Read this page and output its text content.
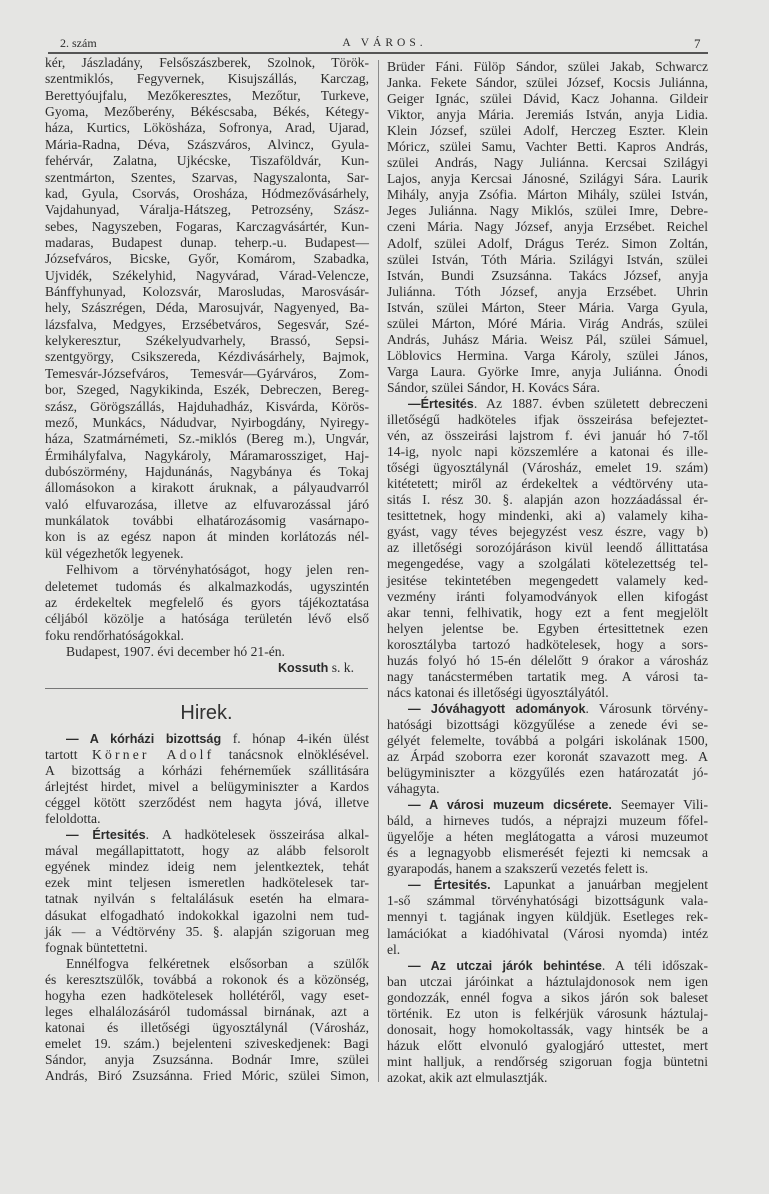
2. szám	A VÁROS.	7
kér, Jászladány, Felsőszászberek, Szolnok, Török-
szentmiklós, Fegyvernek, Kisujszállás, Karczag,
Berettyóujfalu, Mezőkeresztes, Mezőtur, Turkeve,
Gyoma, Mezőberény, Békéscsaba, Békés, Kétegy-
háza, Kurtics, Lökösháza, Sofronya, Arad, Ujarad,
Mária-Radna, Déva, Szászváros, Alvincz, Gyula-
fehérvár, Zalatna, Ujkécske, Tiszaföldvár, Kun-
szentmárton, Szentes, Szarvas, Nagyszalonta, Sar-
kad, Gyula, Csorvás, Orosháza, Hódmezővásárhely,
Vajdahunyad, Váralja-Hátszeg, Petrozsény, Szász-
sebes, Nagyszeben, Fogaras, Karczagvásártér, Kun-
madaras, Budapest dunap. teherp.-u. Budapest—
Józsefváros, Bicske, Győr, Komárom, Szabadka,
Ujvidék, Székelyhid, Nagyvárad, Várad-Velencze,
Bánffyhunyad, Kolozsvár, Marosludas, Marosvásár-
hely, Szászrégen, Déda, Marosujvár, Nagyenyed, Ba-
lázsfalva, Medgyes, Erzsébetváros, Segesvár, Szé-
kelykeresztur, Székelyudvarhely, Brassó, Sepsi-
szentgyörgy, Csikszereda, Kézdivásárhely, Bajmok,
Temesvár-Józsefváros, Temesvár—Gyárváros, Zom-
bor, Szeged, Nagykikinda, Eszék, Debreczen, Bereg-
szász, Görögszállás, Hajduhadház, Kisvárda, Körös-
mező, Munkács, Nádudvar, Nyirbogdány, Nyiregy-
háza, Szatmárnémeti, Sz.-miklós (Bereg m.), Ungvár,
Érmihályfalva, Nagykároly, Máramarossziget, Haj-
dubószörmény, Hajdunánás, Nagybánya és Tokaj
állomásokon a kirakott áruknak, a pályaudvarról
való elfuvarozása, illetve az elfuvarozással járó
munkálatok további elhatározásomig vasárnapo-
kon is az egész napon át minden korlátozás nél-
kül végezhetők legyenek.
Felhivom a törvényhatóságot, hogy jelen ren-
deletemet tudomás és alkalmazkodás, ugyszintén
az érdekeltek megfelelő és gyors tájékoztatása
céljából közölje a hatósága területén lévő első
foku rendőrhatóságokkal.
Budapest, 1907. évi december hó 21-én.
Kossuth s. k.
Hirek.
— A kórházi bizottság f. hónap 4-ikén ülést
tartott Körner Adolf tanácsnok elnöklésével.
A bizottság a kórházi fehérneműek szállitására
árlejtést hirdet, mivel a belügyminiszter a Kardos
céggel kötött szerződést nem hagyta jóvá, illetve
feloldotta.
— Értesités. A hadkötelesek összeirása alkal-
mával megállapittatott, hogy az alább felsorolt
egyének mindez ideig nem jelentkeztek, tehát
ezek mint teljesen ismeretlen hadkötelesek tar-
tatnak nyilván s feltalálásuk esetén ha elmara-
dásukat elfogadható indokokkal igazolni nem tud-
ják — a Védtörvény 35. §. alapján szigoruan meg
fognak büntettetni.
Ennélfogva felkéretnek elsősorban a szülők
és keresztszülők, továbbá a rokonok és a közönség,
hogyha ezen hadkötelesek hollétéről, vagy eset-
leges elhalálozásáról tudomással birnának, azt a
katonai és illetőségi ügyosztálynál (Városház,
emelet 19. szám.) bejelenteni sziveskedjenek: Bagi
Sándor, anyja Zsuzsánna. Bodnár Imre, szülei
András, Biró Zsuzsánna. Fried Móric, szülei Simon,
Brüder Fáni. Fülöp Sándor, szülei Jakab, Schwarcz
Janka. Fekete Sándor, szülei József, Kocsis Juliánna,
Geiger Ignác, szülei Dávid, Kacz Johanna. Gildeir
Viktor, anyja Mária. Jeremiás István, anyja Lidia.
Klein József, szülei Adolf, Herczeg Eszter. Klein
Móricz, szülei Samu, Vachter Betti. Kapros András,
szülei András, Nagy Juliánna. Kercsai Szilágyi
Lajos, anyja Kercsai Jánosné, Szilágyi Sára. Laurik
Mihály, anyja Zsófia. Márton Mihály, szülei István,
Jeges Juliánna. Nagy Miklós, szülei Imre, Debre-
czeni Mária. Nagy József, anyja Erzsébet. Reichel
Adolf, szülei Adolf, Drágus Teréz. Simon Zoltán,
szülei István, Tóth Mária. Szilágyi István, szülei
István, Bundi Zsuzsánna. Takács József, anyja
Juliánna. Tóth József, anyja Erzsébet. Uhrin
István, szülei Márton, Steer Mária. Varga Gyula,
szülei Márton, Móré Mária. Virág András, szülei
András, Juhász Mária. Weisz Pál, szülei Sámuel,
Löblovics Hermina. Varga Károly, szülei János,
Varga Laura. Györke Imre, anyja Juliánna. Ónodi
Sándor, szülei Sándor, H. Kovács Sára.
—Értesités. Az 1887. évben született debreczeni
illetőségű hadköteles ifjak összeirása befejeztet-
vén, az összeirási lajstrom f. évi január hó 7-től
14-ig, nyolc napi közszemlére a katonai és ille-
tőségi ügyosztálynál (Városház, emelet 19. szám)
kitétetett; miről az érdekeltek a védtörvény uta-
sitás I. rész 30. §. alapján azon hozzáadással ér-
tesittetnek, hogy mindenki, aki a) valamely kiha-
gyást, vagy téves bejegyzést vesz észre, vagy b)
az illetőségi sorozójáráson kivül leendő állittatása
megengedése, vagy a szolgálati kötelezettség tel-
jesitése tekintetében megengedett valamely ked-
vezmény iránti folyamodványok ellen kifogást
akar tenni, felhivatik, hogy ezt a fent megjelölt
helyen jelentse be. Egyben értesittetnek ezen
korosztályba tartozó hadkötelesek, hogy a sors-
huzás folyó hó 15-én délelőtt 9 órakor a városház
nagy tanácstermében tartatik meg. A városi ta-
nács katonai és illetőségi ügyosztályától.
— Jóváhagyott adományok. Városunk törvény-
hatósági bizottsági közgyűlése a zenede évi se-
gélyét felemelte, továbbá a polgári iskolának 1500,
az Árpád szoborra ezer koronát szavazott meg. A
belügyminiszter a közgyűlés ezen határozatát jó-
váhagyta.
— A városi muzeum dicsérete. Seemayer Vili-
báld, a hirneves tudós, a néprajzi muzeum főfel-
ügyelője a héten meglátogatta a városi muzeumot
és a legnagyobb elismerését fejezti ki nemcsak a
gyarapodás, hanem a szakszerű vezetés felett is.
— Értesités. Lapunkat a januárban megjelent
1-ső számmal törvényhatósági bizottságunk vala-
mennyi t. tagjának ingyen küldjük. Esetleges rek-
lamációkat a kiadóhivatal (Városi nyomda) intéz
el.
— Az utczai járók behintése. A téli időszak-
ban utczai járóinkat a háztulajdonosok nem igen
gondozzák, ennél fogva a sikos járón sok baleset
történik. Ez uton is felkérjük városunk háztulaj-
donosait, hogy homokoltassák, vagy hintsék be a
házuk előtt elvonuló gyalogjáró uttestet, mert
mint halljuk, a rendőrség szigoruan fogja büntetni
azokat, akik azt elmulasztják.
